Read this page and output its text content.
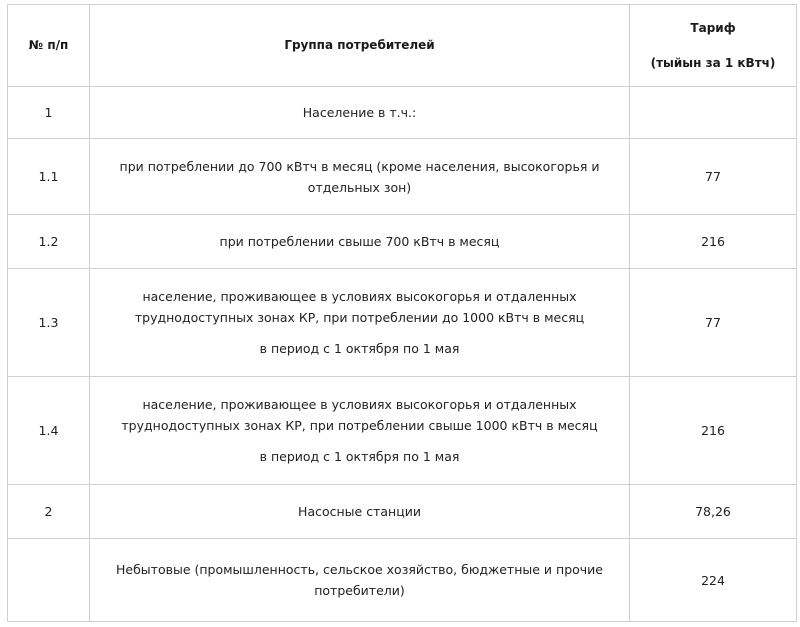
№ п/п	Группа потребителей	Тариф
(тыйын за 1 кВтч)

1	Население в т.ч.:	

1.1	при потреблении до 700 кВтч в месяц (кроме населения, высокогорья и
отдельных зон)	77
1.2	при потреблении свыше 700 кВтч в месяц	216
1.3	население, проживающее в условиях высокогорья и отдаленных
труднодоступных зонах КР, при потреблении до 1000 кВтч в месяц
в период с 1 октября по 1 мая	77
1.4	население, проживающее в условиях высокогорья и отдаленных
труднодоступных зонах КР, при потреблении свыше 1000 кВтч в месяц
в период с 1 октября по 1 мая	216
2	Насосные станции	78,26

	Небытовые (промышленность, сельское хозяйство, бюджетные и прочие
потребители)	224
